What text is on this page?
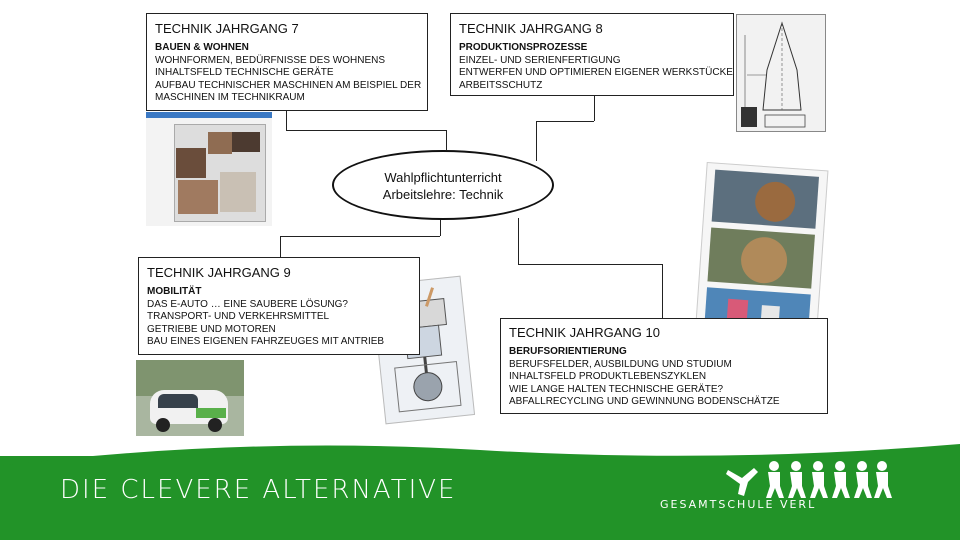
TECHNIK JAHRGANG 7
BAUEN & WOHNEN
WOHNFORMEN, BEDÜRFNISSE DES WOHNENS
INHALTSFELD TECHNISCHE GERÄTE
AUFBAU TECHNISCHER MASCHINEN AM BEISPIEL DER
MASCHINEN IM TECHNIKRAUM
TECHNIK JAHRGANG 8
PRODUKTIONSPROZESSE
EINZEL- UND SERIENFERTIGUNG
ENTWERFEN UND OPTIMIEREN EIGENER WERKSTÜCKE
ARBEITSSCHUTZ
TECHNIK JAHRGANG 9
MOBILITÄT
DAS E-AUTO … EINE SAUBERE LÖSUNG?
TRANSPORT- UND VERKEHRSMITTEL
GETRIEBE UND MOTOREN
BAU EINES EIGENEN FAHRZEUGES MIT ANTRIEB
TECHNIK JAHRGANG 10
BERUFSORIENTIERUNG
BERUFSFELDER, AUSBILDUNG UND STUDIUM
INHALTSFELD PRODUKTLEBENSZYKLEN
WIE LANGE HALTEN TECHNISCHE GERÄTE?
ABFALLRECYCLING UND GEWINNUNG BODENSCHÄTZE
Wahlpflichtunterricht
Arbeitslehre: Technik
DIE CLEVERE ALTERNATIVE	GESAMTSCHULE VERL
